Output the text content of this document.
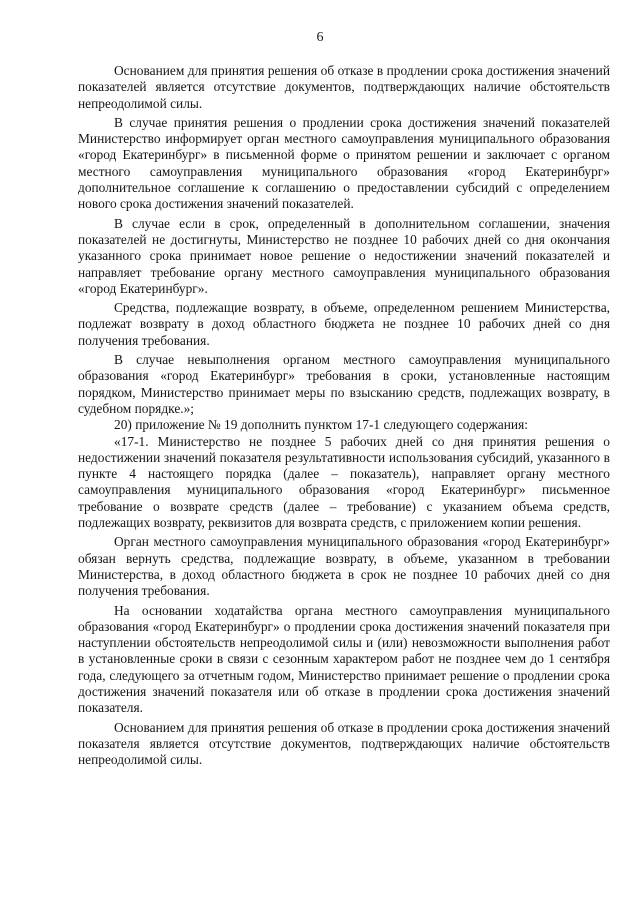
6

Основанием для принятия решения об отказе в продлении срока достижения значений показателей является отсутствие документов, подтверждающих наличие обстоятельств непреодолимой силы.

В случае принятия решения о продлении срока достижения значений показателей Министерство информирует орган местного самоуправления муниципального образования «город Екатеринбург» в письменной форме о принятом решении и заключает с органом местного самоуправления муниципального образования «город Екатеринбург» дополнительное соглашение к соглашению о предоставлении субсидий с определением нового срока достижения значений показателей.

В случае если в срок, определенный в дополнительном соглашении, значения показателей не достигнуты, Министерство не позднее 10 рабочих дней со дня окончания указанного срока принимает новое решение о недостижении значений показателей и направляет требование органу местного самоуправления муниципального образования «город Екатеринбург».

Средства, подлежащие возврату, в объеме, определенном решением Министерства, подлежат возврату в доход областного бюджета не позднее 10 рабочих дней со дня получения требования.

В случае невыполнения органом местного самоуправления муниципального образования «город Екатеринбург» требования в сроки, установленные настоящим порядком, Министерство принимает меры по взысканию средств, подлежащих возврату, в судебном порядке.»;

20) приложение № 19 дополнить пунктом 17-1 следующего содержания:

«17-1. Министерство не позднее 5 рабочих дней со дня принятия решения о недостижении значений показателя результативности использования субсидий, указанного в пункте 4 настоящего порядка (далее – показатель), направляет органу местного самоуправления муниципального образования «город Екатеринбург» письменное требование о возврате средств (далее – требование) с указанием объема средств, подлежащих возврату, реквизитов для возврата средств, с приложением копии решения.

Орган местного самоуправления муниципального образования «город Екатеринбург» обязан вернуть средства, подлежащие возврату, в объеме, указанном в требовании Министерства, в доход областного бюджета в срок не позднее 10 рабочих дней со дня получения требования.

На основании ходатайства органа местного самоуправления муниципального образования «город Екатеринбург» о продлении срока достижения значений показателя при наступлении обстоятельств непреодолимой силы и (или) невозможности выполнения работ в установленные сроки в связи с сезонным характером работ не позднее чем до 1 сентября года, следующего за отчетным годом, Министерство принимает решение о продлении срока достижения значений показателя или об отказе в продлении срока достижения значений показателя.

Основанием для принятия решения об отказе в продлении срока достижения значений показателя является отсутствие документов, подтверждающих наличие обстоятельств непреодолимой силы.
